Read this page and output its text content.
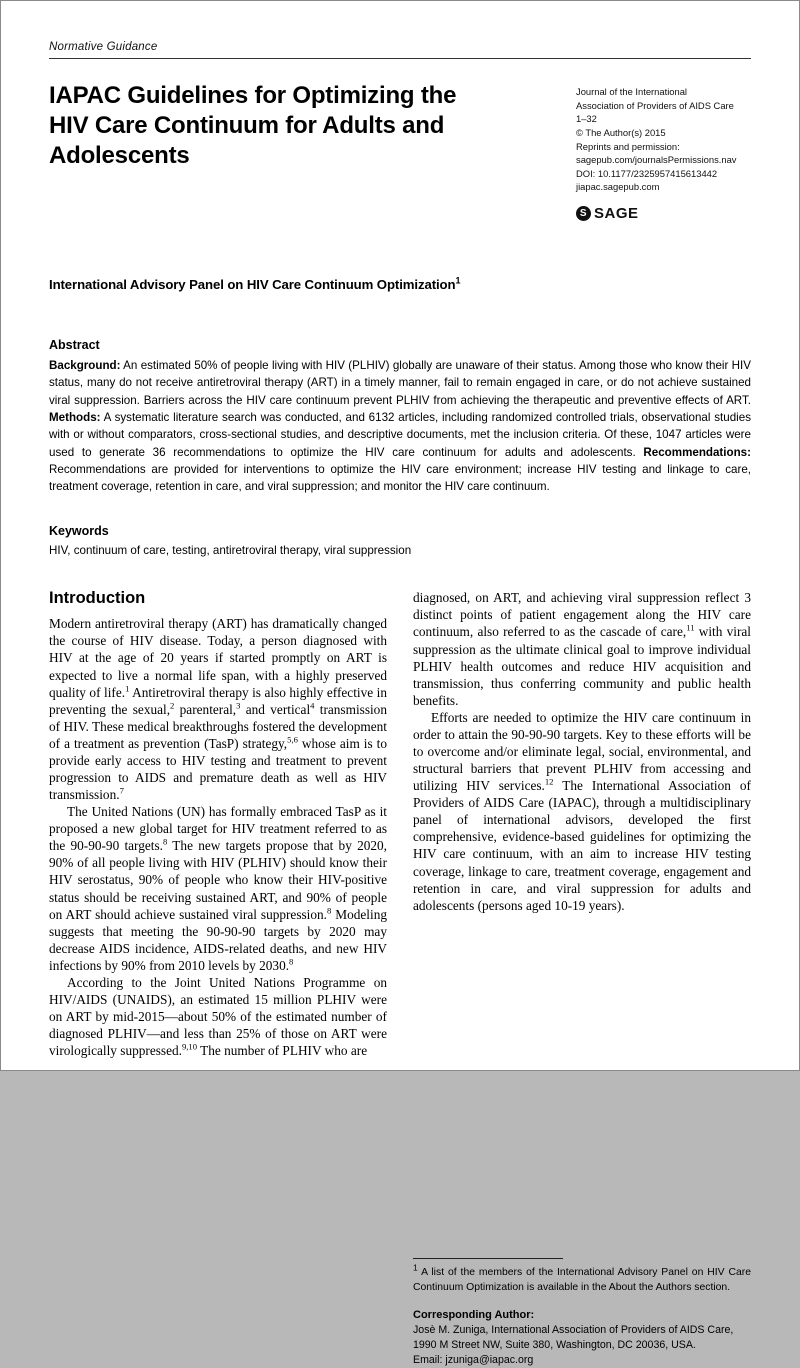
Normative Guidance
IAPAC Guidelines for Optimizing the HIV Care Continuum for Adults and Adolescents
Journal of the International
Association of Providers of AIDS Care
1–32
© The Author(s) 2015
Reprints and permission:
sagepub.com/journalsPermissions.nav
DOI: 10.1177/2325957415613442
jiapac.sagepub.com
S SAGE
International Advisory Panel on HIV Care Continuum Optimization$^1$
Abstract
Background: An estimated 50% of people living with HIV (PLHIV) globally are unaware of their status. Among those who know their HIV status, many do not receive antiretroviral therapy (ART) in a timely manner, fail to remain engaged in care, or do not achieve sustained viral suppression. Barriers across the HIV care continuum prevent PLHIV from achieving the therapeutic and preventive effects of ART. Methods: A systematic literature search was conducted, and 6132 articles, including randomized controlled trials, observational studies with or without comparators, cross-sectional studies, and descriptive documents, met the inclusion criteria. Of these, 1047 articles were used to generate 36 recommendations to optimize the HIV care continuum for adults and adolescents. Recommendations: Recommendations are provided for interventions to optimize the HIV care environment; increase HIV testing and linkage to care, treatment coverage, retention in care, and viral suppression; and monitor the HIV care continuum.
Keywords
HIV, continuum of care, testing, antiretroviral therapy, viral suppression
Introduction

Modern antiretroviral therapy (ART) has dramatically changed the course of HIV disease. Today, a person diagnosed with HIV at the age of 20 years if started promptly on ART is expected to live a normal life span, with a highly preserved quality of life.$^1$ Antiretroviral therapy is also highly effective in preventing the sexual,$^2$ parenteral,$^3$ and vertical$^4$ transmission of HIV. These medical breakthroughs fostered the development of a treatment as prevention (TasP) strategy,$^{5,6}$ whose aim is to provide early access to HIV testing and treatment to prevent progression to AIDS and premature death as well as HIV transmission.$^7$

The United Nations (UN) has formally embraced TasP as it proposed a new global target for HIV treatment referred to as the 90-90-90 targets.$^8$ The new targets propose that by 2020, 90% of all people living with HIV (PLHIV) should know their HIV serostatus, 90% of people who know their HIV-positive status should be receiving sustained ART, and 90% of people on ART should achieve sustained viral suppression.$^8$ Modeling suggests that meeting the 90-90-90 targets by 2020 may decrease AIDS incidence, AIDS-related deaths, and new HIV infections by 90% from 2010 levels by 2030.$^8$

According to the Joint United Nations Programme on HIV/AIDS (UNAIDS), an estimated 15 million PLHIV were on ART by mid-2015—about 50% of the estimated number of diagnosed PLHIV—and less than 25% of those on ART were virologically suppressed.$^{9,10}$ The number of PLHIV who are

diagnosed, on ART, and achieving viral suppression reflect 3 distinct points of patient engagement along the HIV care continuum, also referred to as the cascade of care,$^{11}$ with viral suppression as the ultimate clinical goal to improve individual PLHIV health outcomes and reduce HIV acquisition and transmission, thus conferring community and public health benefits.

Efforts are needed to optimize the HIV care continuum in order to attain the 90-90-90 targets. Key to these efforts will be to overcome and/or eliminate legal, social, environmental, and structural barriers that prevent PLHIV from accessing and utilizing HIV services.$^{12}$ The International Association of Providers of AIDS Care (IAPAC), through a multidisciplinary panel of international advisors, developed the first comprehensive, evidence-based guidelines for optimizing the HIV care continuum, with an aim to increase HIV testing coverage, linkage to care, treatment coverage, engagement and retention in care, and viral suppression for adults and adolescents (persons aged 10-19 years).

$^1$ A list of the members of the International Advisory Panel on HIV Care Continuum Optimization is available in the About the Authors section.
Corresponding Author:
Josè M. Zuniga, International Association of Providers of AIDS Care, 1990 M Street NW, Suite 380, Washington, DC 20036, USA.
Email: jzuniga@iapac.org
